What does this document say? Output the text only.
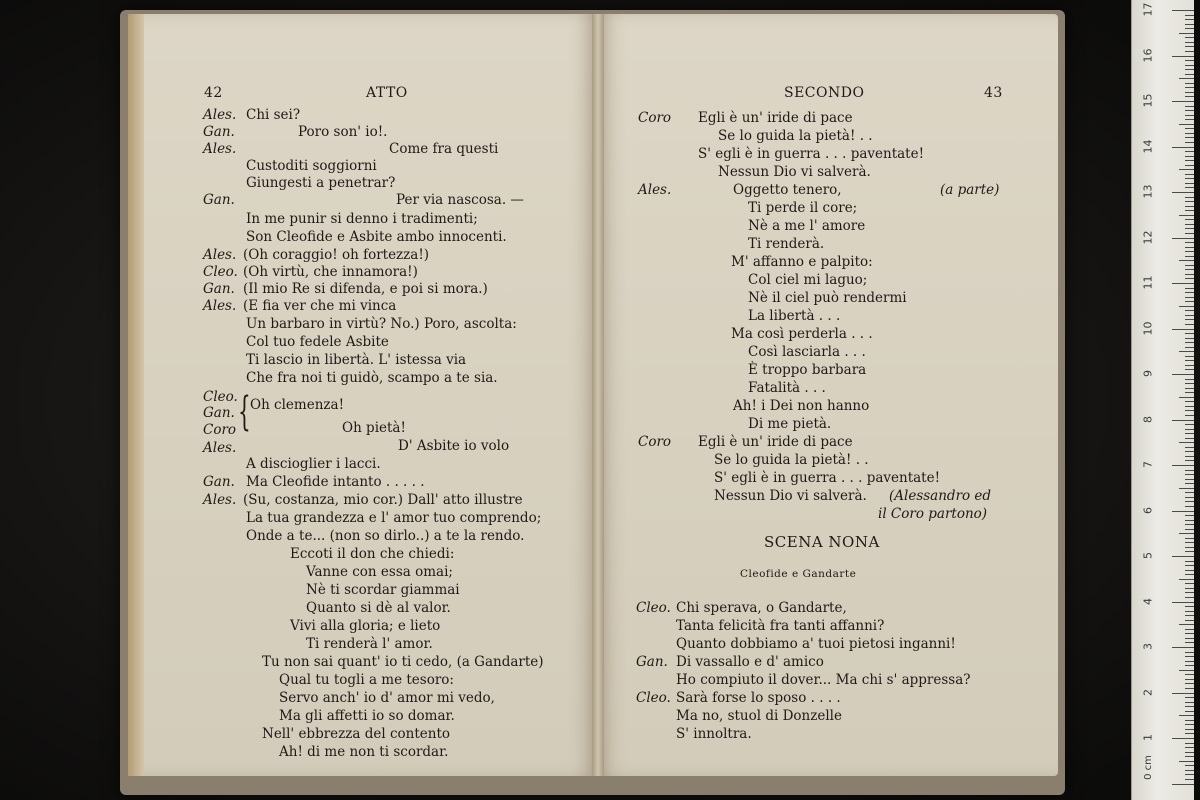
42	ATTO
Ales. Chi sei?
Gan.	Poro son' io!.
Ales.	Come fra questi
Custoditi soggiorni
Giungesti a penetrar?
Gan.	Per via nascosa. —
In me punir si denno i tradimenti;
Son Cleofide e Asbite ambo innocenti.
Ales. (Oh coraggio! oh fortezza!)
Cleo. (Oh virtù, che innamora!)
Gan. (Il mio Re si difenda, e poi si mora.)
Ales. (E fia ver che mi vinca
Un barbaro in virtù? No.) Poro, ascolta:
Col tuo fedele Asbite
Ti lascio in libertà. L' istessa via
Che fra noi ti guidò, scampo a te sia.
Cleo.
Gan. { Oh clemenza!
Coro	Oh pietà!
Ales.	D' Asbite io volo
A discioglier i lacci.
Gan. Ma Cleofide intanto . . . . .
Ales. (Su, costanza, mio cor.) Dall' atto illustre
La tua grandezza e l' amor tuo comprendo;
Onde a te... (non so dirlo..) a te la rendo.
Eccoti il don che chiedi:
Vanne con essa omai;
Nè ti scordar giammai
Quanto si dè al valor.
Vivi alla gloria; e lieto
Ti renderà l' amor.
Tu non sai quant' io ti cedo, (a Gandarte)
Qual tu togli a me tesoro:
Servo anch' io d' amor mi vedo,
Ma gli affetti io so domar.
Nell' ebbrezza del contento
Ah! di me non ti scordar.
SECONDO	43
Coro Egli è un' iride di pace
Se lo guida la pietà! . .
S' egli è in guerra . . . paventate!
Nessun Dio vi salverà.
Ales.	Oggetto tenero,	(a parte)
Ti perde il core;
Nè a me l' amore
Ti renderà.
M' affanno e palpito:
Col ciel mi laguo;
Nè il ciel può rendermi
La libertà . . .
Ma così perderla . . .
Così lasciarla . . .
È troppo barbara
Fatalità . . .
Ah! i Dei non hanno
Di me pietà.
Coro Egli è un' iride di pace
Se lo guida la pietà! . .
S' egli è in guerra . . . paventate!
Nessun Dio vi salverà. (Alessandro ed
il Coro partono)
SCENA NONA
Cleofide e Gandarte
Cleo. Chi sperava, o Gandarte,
Tanta felicità fra tanti affanni?
Quanto dobbiamo a' tuoi pietosi inganni!
Gan. Di vassallo e d' amico
Ho compiuto il dover... Ma chi s' appressa?
Cleo. Sarà forse lo sposo . . . .
Ma no, stuol di Donzelle
S' innoltra.
0 cm
17
16
15
14
13
12
11
10
9
8
7
6
5
4
3
2
1
